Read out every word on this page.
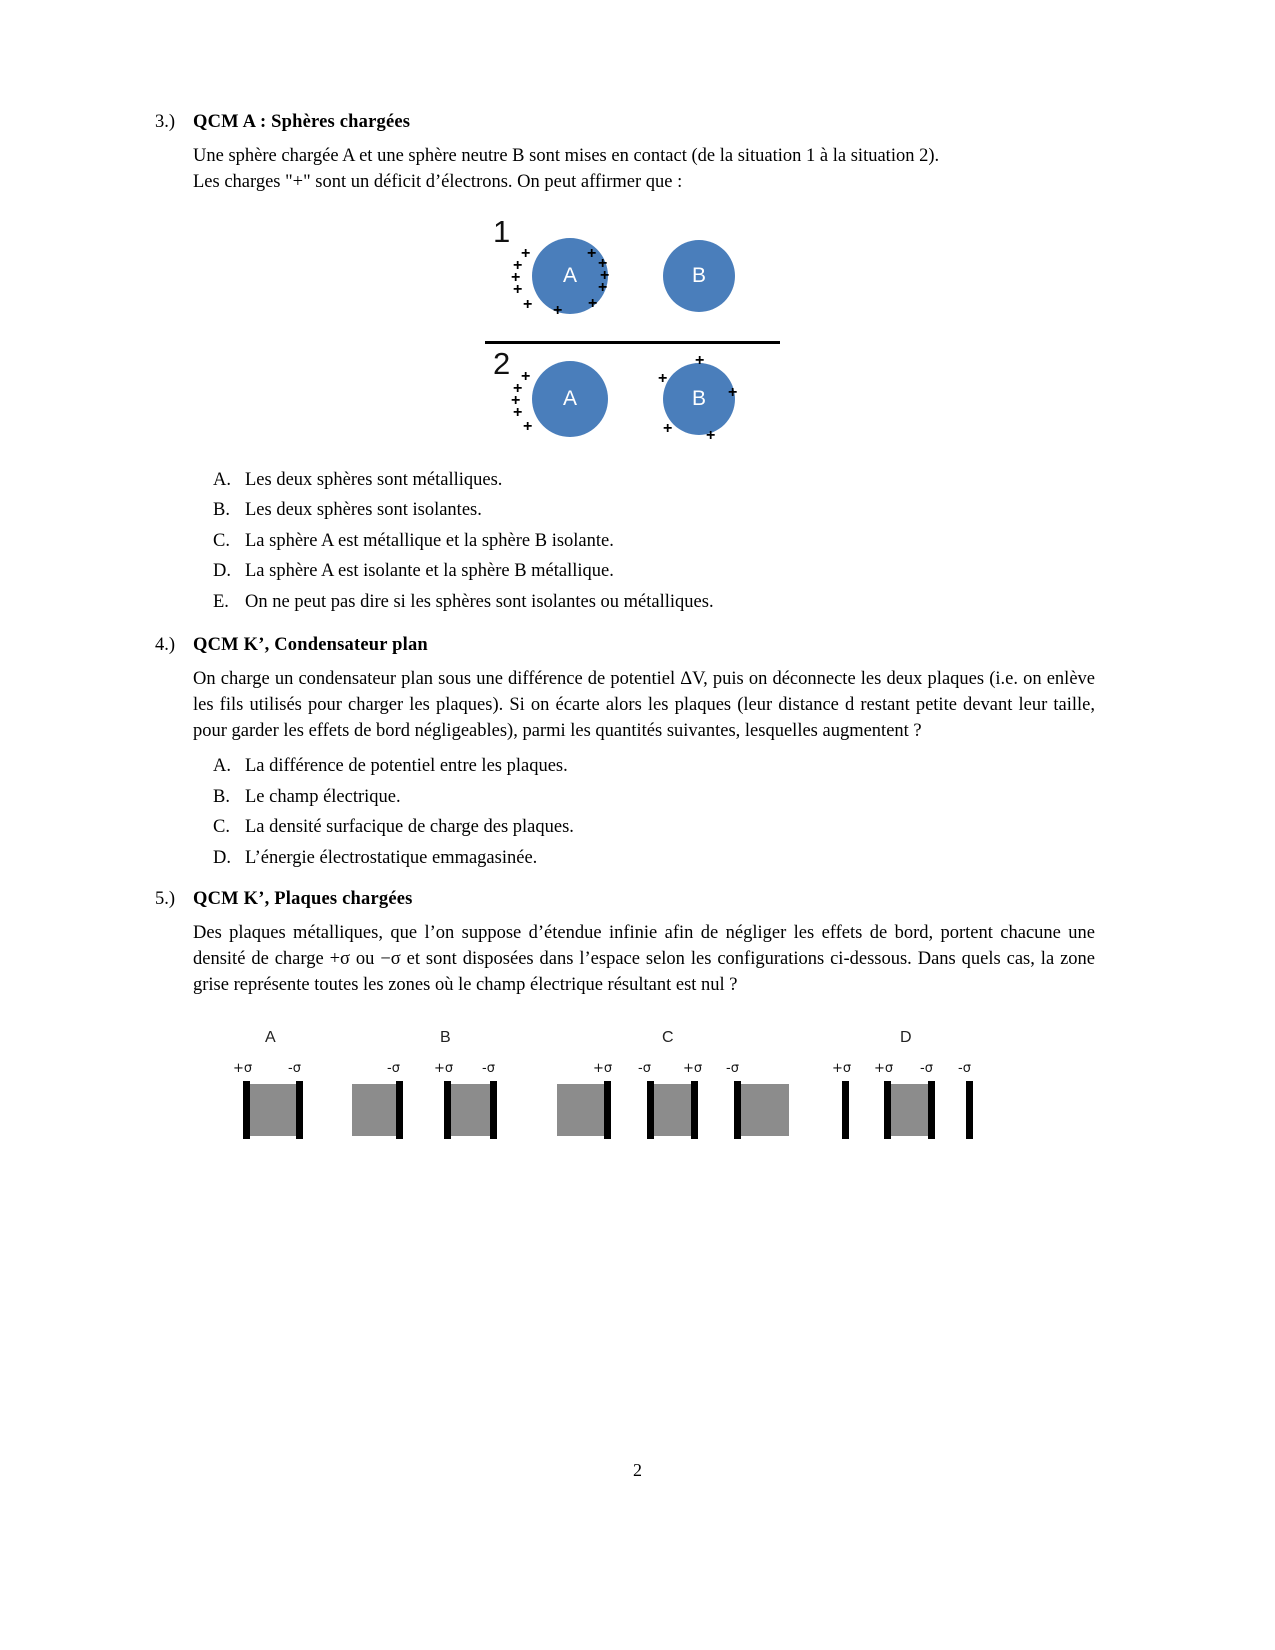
3.) QCM A : Sphères chargées

Une sphère chargée A et une sphère neutre B sont mises en contact (de la situation 1 à la situation 2).

Les charges "+" sont un déficit d’électrons. On peut affirmer que :

1
A
+
+
+
+
+ +
+
+
+
+
+
B
2
A
+
+
+
+
+
B
+
+
+
+ +
A. Les deux sphères sont métalliques.
B. Les deux sphères sont isolantes.
C. La sphère A est métallique et la sphère B isolante.
D. La sphère A est isolante et la sphère B métallique.
E. On ne peut pas dire si les sphères sont isolantes ou métalliques.
4.) QCM K’, Condensateur plan

On charge un condensateur plan sous une différence de potentiel ΔV, puis on déconnecte les deux plaques (i.e. on enlève les fils utilisés pour charger les plaques). Si on écarte alors les plaques (leur distance d restant petite devant leur taille, pour garder les effets de bord négligeables), parmi les quantités suivantes, lesquelles augmentent ?

A. La différence de potentiel entre les plaques.
B. Le champ électrique.
C. La densité surfacique de charge des plaques.
D. L’énergie électrostatique emmagasinée.
5.) QCM K’, Plaques chargées

Des plaques métalliques, que l’on suppose d’étendue infinie afin de négliger les effets de bord, portent chacune une densité de charge +σ ou −σ et sont disposées dans l’espace selon les configurations ci-dessous. Dans quels cas, la zone grise représente toutes les zones où le champ électrique résultant est nul ?

A	B	C	D
+σ	-σ	-σ	+σ -σ	+σ -σ +σ -σ	+σ +σ -σ -σ
2
